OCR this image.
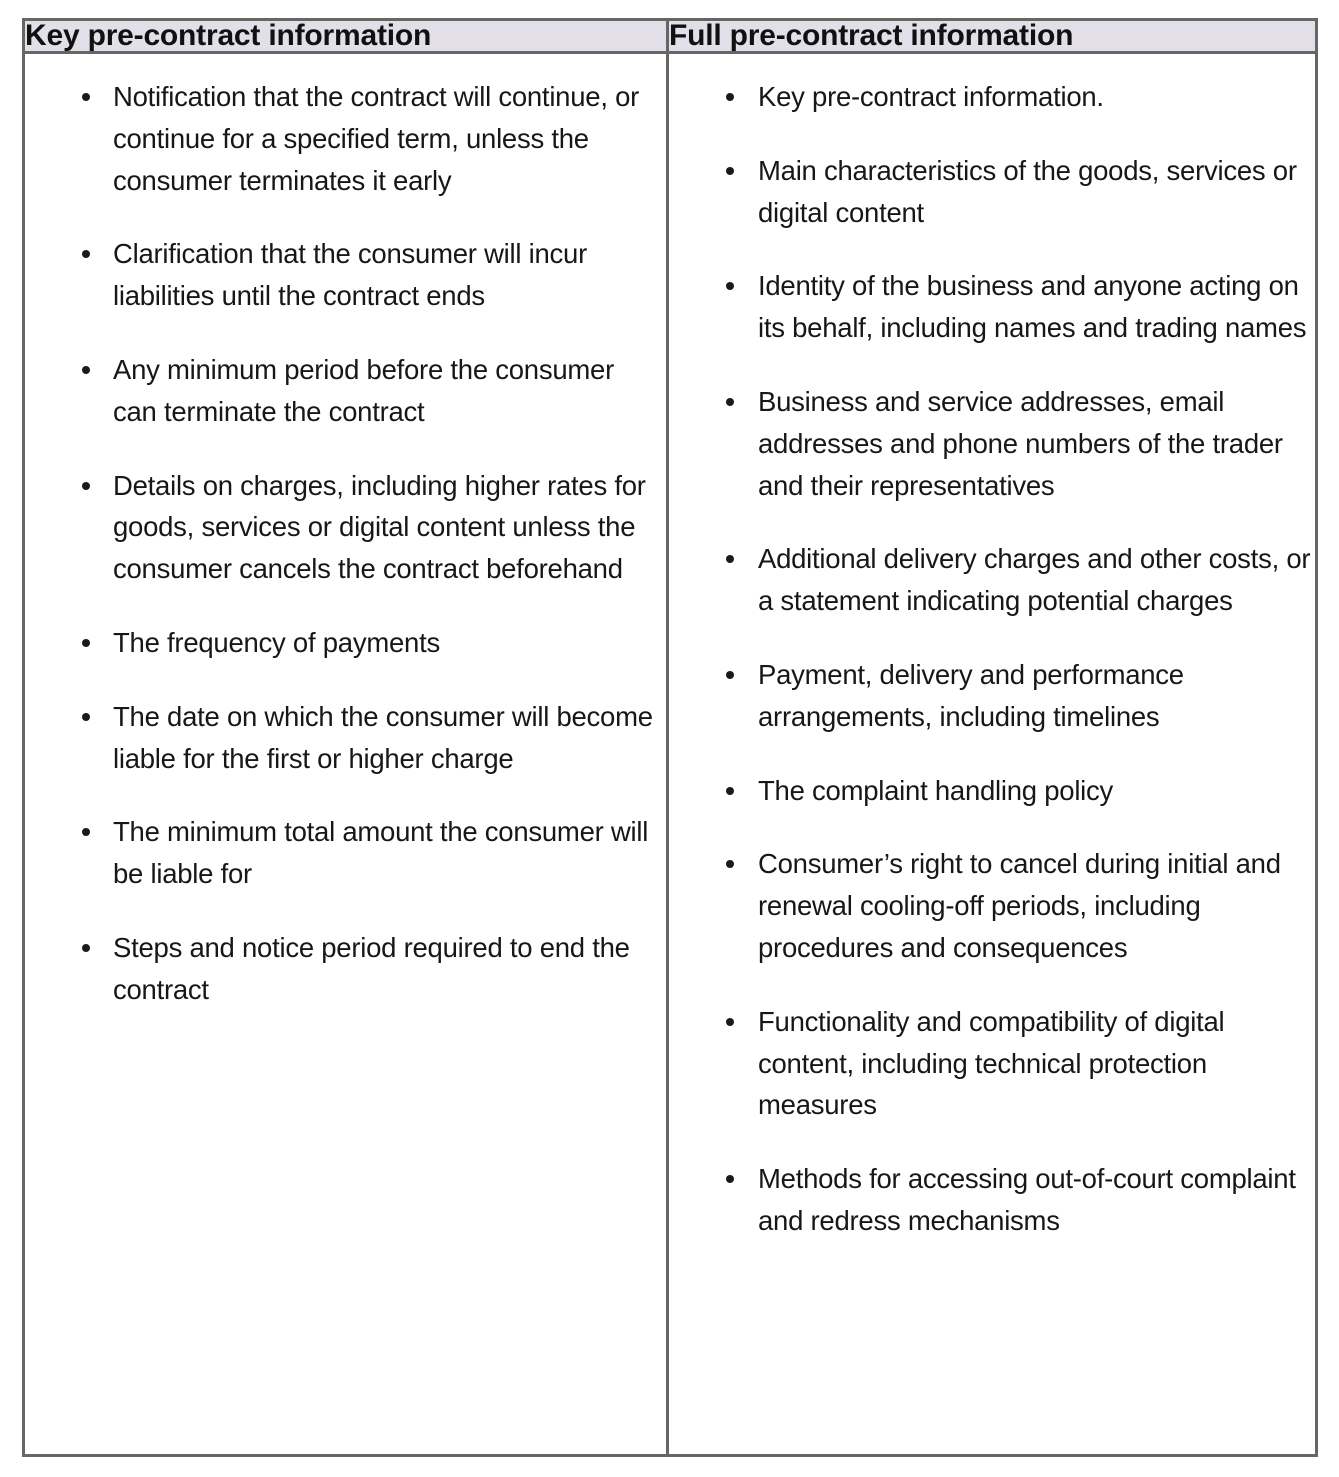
Key pre-contract information	Full pre-contract information

Notification that the contract will continue, or continue for a specified term, unless the consumer terminates it early
Clarification that the consumer will incur liabilities until the contract ends
Any minimum period before the consumer can terminate the contract
Details on charges, including higher rates for goods, services or digital content unless the consumer cancels the contract beforehand
The frequency of payments
The date on which the consumer will become liable for the first or higher charge
The minimum total amount the consumer will be liable for
Steps and notice period required to end the contract

Key pre-contract information.
Main characteristics of the goods, services or digital content
Identity of the business and anyone acting on its behalf, including names and trading names
Business and service addresses, email addresses and phone numbers of the trader and their representatives
Additional delivery charges and other costs, or a statement indicating potential charges
Payment, delivery and performance arrangements, including timelines
The complaint handling policy
Consumer’s right to cancel during initial and renewal cooling-off periods, including procedures and consequences
Functionality and compatibility of digital content, including technical protection measures
Methods for accessing out-of-court complaint and redress mechanisms
